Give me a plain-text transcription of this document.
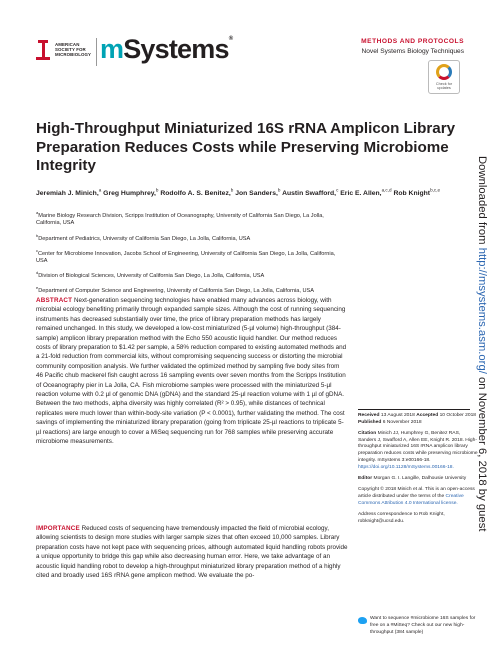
AMERICAN
SOCIETY FOR
MICROBIOLOGY mSystems®	METHODS AND PROTOCOLS
Novel Systems Biology Techniques
Check for
updates
High-Throughput Miniaturized 16S rRNA Amplicon Library Preparation Reduces Costs while Preserving Microbiome Integrity
Jeremiah J. Minich,$^a$ Greg Humphrey,$^b$ Rodolfo A. S. Benitez,$^b$ Jon Sanders,$^b$ Austin Swafford,$^c$ Eric E. Allen,$^{a,c,d}$ Rob Knight$^{b,c,e}$
$^a$Marine Biology Research Division, Scripps Institution of Oceanography, University of California San Diego, La Jolla, California, USA
$^b$Department of Pediatrics, University of California San Diego, La Jolla, California, USA
$^c$Center for Microbiome Innovation, Jacobs School of Engineering, University of California San Diego, La Jolla, California, USA
$^d$Division of Biological Sciences, University of California San Diego, La Jolla, California, USA
$^e$Department of Computer Science and Engineering, University of California San Diego, La Jolla, California, USA
ABSTRACT Next-generation sequencing technologies have enabled many advances across biology, with microbial ecology benefiting primarily through expanded sample sizes. Although the cost of running sequencing instruments has decreased substantially over time, the price of library preparation methods has largely remained unchanged. In this study, we developed a low-cost miniaturized (5-µl volume) high-throughput (384-sample) amplicon library preparation method with the Echo 550 acoustic liquid handler. Our method reduces costs of library preparation to $1.42 per sample, a 58% reduction compared to existing automated methods and a 21-fold reduction from commercial kits, without compromising sequencing success or distorting the microbial community composition analysis. We further validated the optimized method by sampling five body sites from 46 Pacific chub mackerel fish caught across 16 sampling events over seven months from the Scripps Institution of Oceanography pier in La Jolla, CA. Fish microbiome samples were processed with the miniaturized 5-µl reaction volume with 0.2 µl of genomic DNA (gDNA) and the standard 25-µl reaction volume with 1 µl of gDNA. Between the two methods, alpha diversity was highly correlated (R² > 0.95), while distances of technical replicates were much lower than within-body-site variation (P < 0.0001), further validating the method. The cost savings of implementing the miniaturized library preparation (going from triplicate 25-µl reactions to triplicate 5-µl reactions) are large enough to cover a MiSeq sequencing run for 768 samples while preserving accurate microbiome measurements.
IMPORTANCE Reduced costs of sequencing have tremendously impacted the field of microbial ecology, allowing scientists to design more studies with larger sample sizes that often exceed 10,000 samples. Library preparation costs have not kept pace with sequencing prices, although automated liquid handling robots provide a unique opportunity to bridge this gap while also decreasing human error. Here, we take advantage of an acoustic liquid handling robot to develop a high-throughput miniaturized library preparation method of a highly cited and broadly used 16S rRNA gene amplicon method. We evaluate the po-
Received 13 August 2018 Accepted 10 October 2018 Published 6 November 2018
Citation Minich JJ, Humphrey G, Benitez RAS, Sanders J, Swafford A, Allen EE, Knight R. 2018. High-throughput miniaturized 16S rRNA amplicon library preparation reduces costs while preserving microbiome integrity. mSystems 3:e00166-18. https://doi.org/10.1128/mSystems.00166-18.
Editor Morgan G. I. Langille, Dalhousie University
Copyright © 2018 Minich et al. This is an open-access article distributed under the terms of the Creative Commons Attribution 4.0 International license.
Address correspondence to Rob Knight, robknight@ucsd.edu.
Want to sequence #microbiome 16S samples for free on a #MiSeq? Check out our new high-throughput (384 sample)
Downloaded from http://msystems.asm.org/ on November 6, 2018 by guest
